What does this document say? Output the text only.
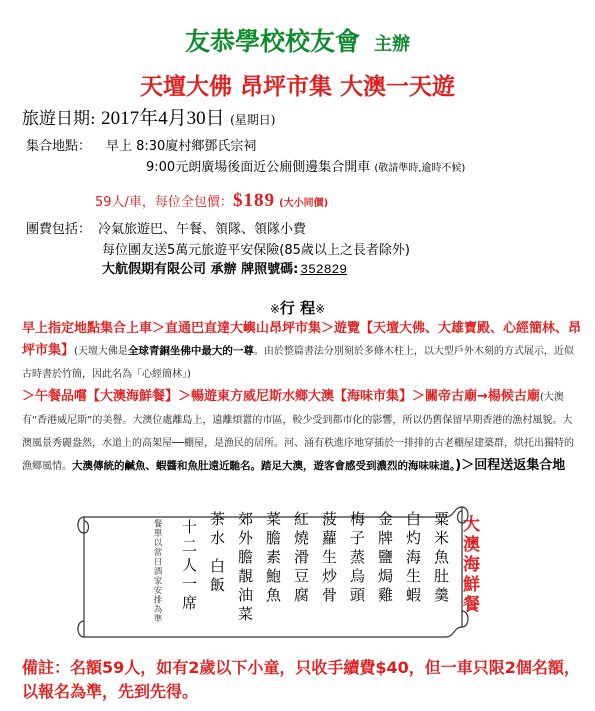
友恭學校校友會 主辦
天壇大佛 昂坪市集 大澳一天遊
旅遊日期: 2017年4月30日 (星期日)
集合地點： 早上 8:30廈村鄉鄧氏宗祠
9:00元朗廣場後面近公廁側邊集合開車 (敬請準時,逾時不候)
59人/車，每位全包價：$189 (大小同價)
團費包括： 冷氣旅遊巴、午餐、領隊、領隊小費
每位團友送5萬元旅遊平安保險(85歲以上之長者除外)
大航假期有限公司 承辦 牌照號碼: 352829
※行 程※

早上指定地點集合上車＞直通巴直達大嶼山昂坪市集＞遊覽【天壇大佛、大雄寶殿、心經簡林、昂坪市集】(天壇大佛是全球青銅坐佛中最大的一尊。由於整篇書法分別刻於多條木柱上，以大型戶外木刻的方式展示，近似古時書於竹簡，因此名為「心經簡林」)

＞午餐品嚐【大澳海鮮餐】＞暢遊東方威尼斯水鄉大澳【海味市集】＞關帝古廟→楊候古廟(大澳有“香港威尼斯”的美譽。大澳位處離島上，遠離煩囂的市區，較少受到都市化的影響，所以仍舊保留早期香港的漁村風貌。大澳風景秀麗盎然，水道上的高架屋──棚屋，是漁民的居所。河、涌有秩進序地穿插於一排排的古老棚屋建築群，烘托出獨特的漁鄉風情。大澳傳統的鹹魚、蝦醬和魚肚遠近馳名。踏足大澳，遊客會感受到濃烈的海味味道。)＞回程送返集合地

餐單以當日酒家安排為準 十二人一席 茶水 白飯 郊外膽靚油菜 菜膽素鮑魚 紅燒滑豆腐 菠蘿生炒骨 梅子蒸烏頭 金牌鹽焗雞 白灼海生蝦 粟米魚肚羹 大澳海鮮餐
備註：名額59人，如有2歲以下小童，只收手續費$40，但一車只限2個名額，以報名為準，先到先得。
